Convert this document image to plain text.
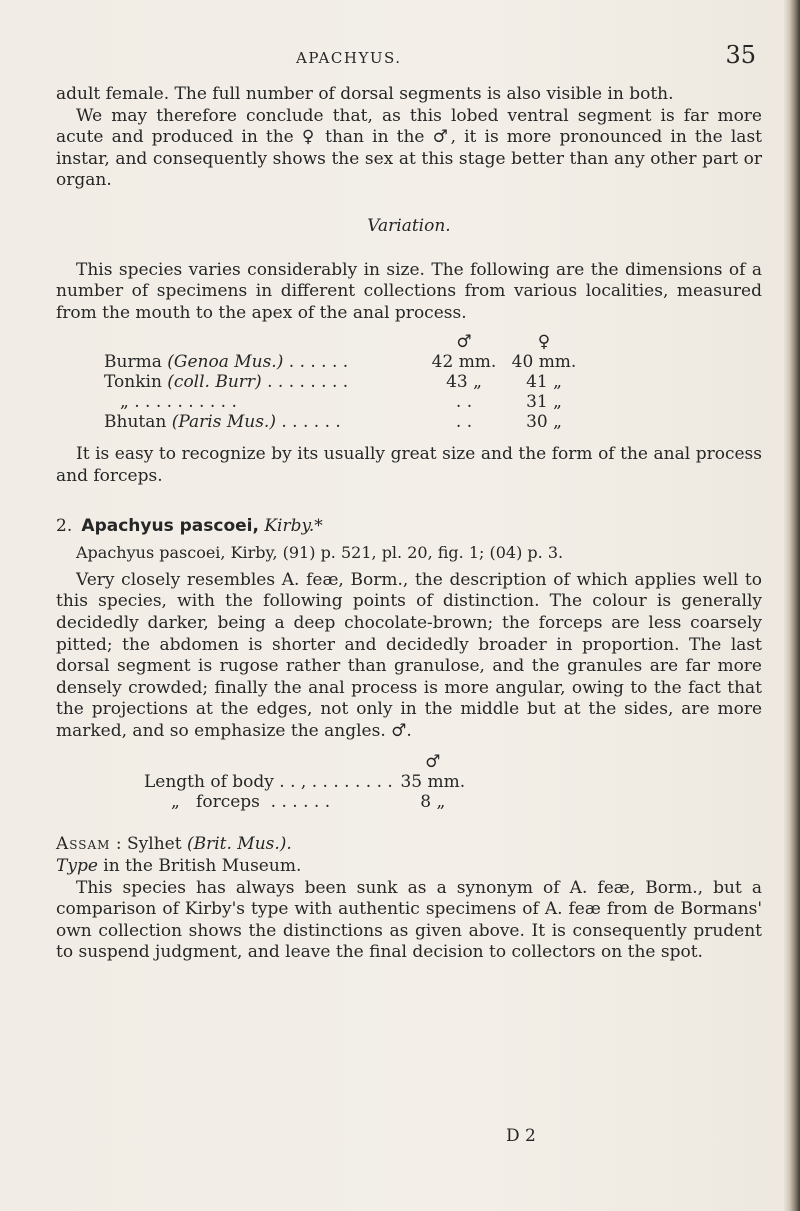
APACHYUS.	35

adult female. The full number of dorsal segments is also visible in both.

We may therefore conclude that, as this lobed ventral segment is far more acute and produced in the ♀ than in the ♂, it is more pronounced in the last instar, and consequently shows the sex at this stage better than any other part or organ.

Variation.

This species varies considerably in size. The following are the dimensions of a number of specimens in different collections from various localities, measured from the mouth to the apex of the anal process.

	♂	♀
Burma (Genoa Mus.) . . . . . .	42 mm.	40 mm.
Tonkin (coll. Burr) . . . . . . . .	43 „	41 „
„ . . . . . . . . . .	. .	31 „
Bhutan (Paris Mus.) . . . . . .	. .	30 „

It is easy to recognize by its usually great size and the form of the anal process and forceps.

2. Apachyus pascoei, Kirby.*

Apachyus pascoei, Kirby, (91) p. 521, pl. 20, fig. 1; (04) p. 3.

Very closely resembles A. feæ, Borm., the description of which applies well to this species, with the following points of distinction. The colour is generally decidedly darker, being a deep chocolate-brown; the forceps are less coarsely pitted; the abdomen is shorter and decidedly broader in proportion. The last dorsal segment is rugose rather than granulose, and the granules are far more densely crowded; finally the anal process is more angular, owing to the fact that the projections at the edges, not only in the middle but at the sides, are more marked, and so emphasize the angles. ♂.

	♂
Length of body . . , . . . . . . . .	35 mm.
„   forceps  . . . . . .	8 „

Assam : Sylhet (Brit. Mus.).

Type in the British Museum.

This species has always been sunk as a synonym of A. feæ, Borm., but a comparison of Kirby's type with authentic specimens of A. feæ from de Bormans' own collection shows the distinctions as given above. It is consequently prudent to suspend judgment, and leave the final decision to collectors on the spot.

D 2
